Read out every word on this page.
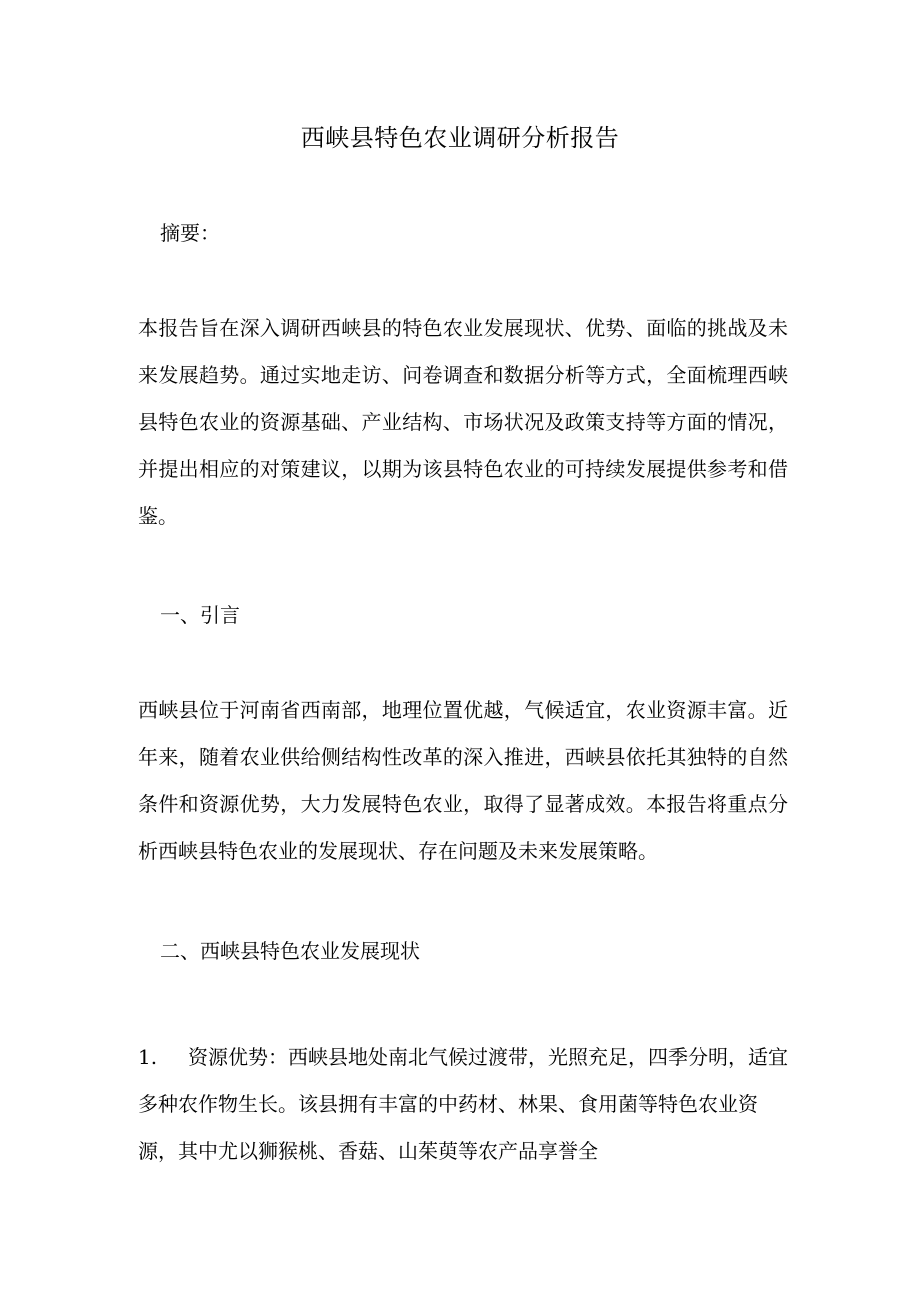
西峡县特色农业调研分析报告

摘要：

本报告旨在深入调研西峡县的特色农业发展现状、优势、面临的挑战及未来发展趋势。通过实地走访、问卷调查和数据分析等方式，全面梳理西峡县特色农业的资源基础、产业结构、市场状况及政策支持等方面的情况，并提出相应的对策建议，以期为该县特色农业的可持续发展提供参考和借鉴。

一、引言

西峡县位于河南省西南部，地理位置优越，气候适宜，农业资源丰富。近年来，随着农业供给侧结构性改革的深入推进，西峡县依托其独特的自然条件和资源优势，大力发展特色农业，取得了显著成效。本报告将重点分析西峡县特色农业的发展现状、存在问题及未来发展策略。

二、西峡县特色农业发展现状

1. 资源优势：西峡县地处南北气候过渡带，光照充足，四季分明，适宜多种农作物生长。该县拥有丰富的中药材、林果、食用菌等特色农业资源，其中尤以狮猴桃、香菇、山茱萸等农产品享誉全
